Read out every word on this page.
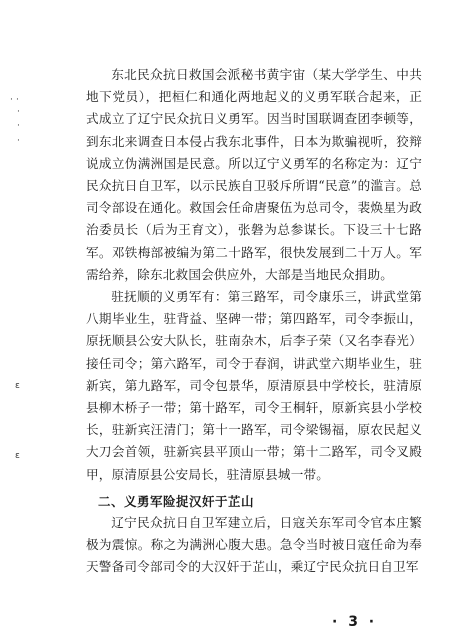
· ·
·
·
·
ε
ε

东北民众抗日救国会派秘书黄宇宙（某大学学生、中共地下党员），把桓仁和通化两地起义的义勇军联合起来，正式成立了辽宁民众抗日义勇军。因当时国联调查团李顿等，到东北来调查日本侵占我东北事件，日本为欺骗视听，狡辩说成立伪满洲国是民意。所以辽宁义勇军的名称定为：辽宁民众抗日自卫军，以示民族自卫驳斥所谓“民意”的滥言。总司令部设在通化。救国会任命唐聚伍为总司令，裴焕星为政治委员长（后为王育文），张磐为总参谋长。下设三十七路军。邓铁梅部被编为第二十路军，很快发展到二十万人。军需给养，除东北救国会供应外，大部是当地民众捐助。

驻抚顺的义勇军有：第三路军，司令康乐三，讲武堂第八期毕业生，驻背益、坚碑一带；第四路军，司令李振山，原抚顺县公安大队长，驻南杂木，后李子荣（又名李春光）接任司令；第六路军，司令于春润，讲武堂六期毕业生，驻新宾，第九路军，司令包景华，原清原县中学校长，驻清原县柳木桥子一带；第十路军，司令王桐轩，原新宾县小学校长，驻新宾汪清门；第十一路军，司令梁锡福，原农民起义大刀会首领，驻新宾县平顶山一带；第十二路军，司令叉殿甲，原清原县公安局长，驻清原县城一带。

二、义勇军险捉汉奸于芷山

辽宁民众抗日自卫军建立后，日寇关东军司令官本庄繁极为震惊。称之为满洲心腹大患。急令当时被日寇任命为奉天警备司令部司令的大汉奸于芷山，乘辽宁民众抗日自卫军

· 3 ·
